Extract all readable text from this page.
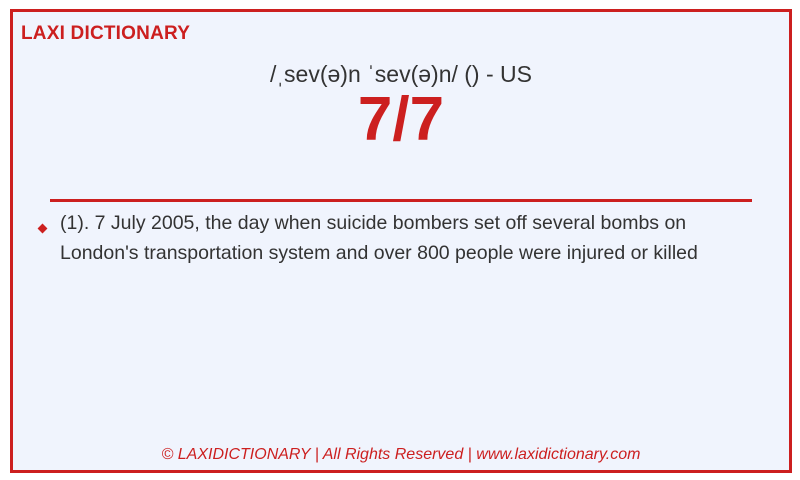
LAXI DICTIONARY
/ˌsev(ə)n ˈsev(ə)n/ () - US
7/7
(1). 7 July 2005, the day when suicide bombers set off several bombs on London's transportation system and over 800 people were injured or killed
© LAXIDICTIONARY | All Rights Reserved | www.laxidictionary.com
